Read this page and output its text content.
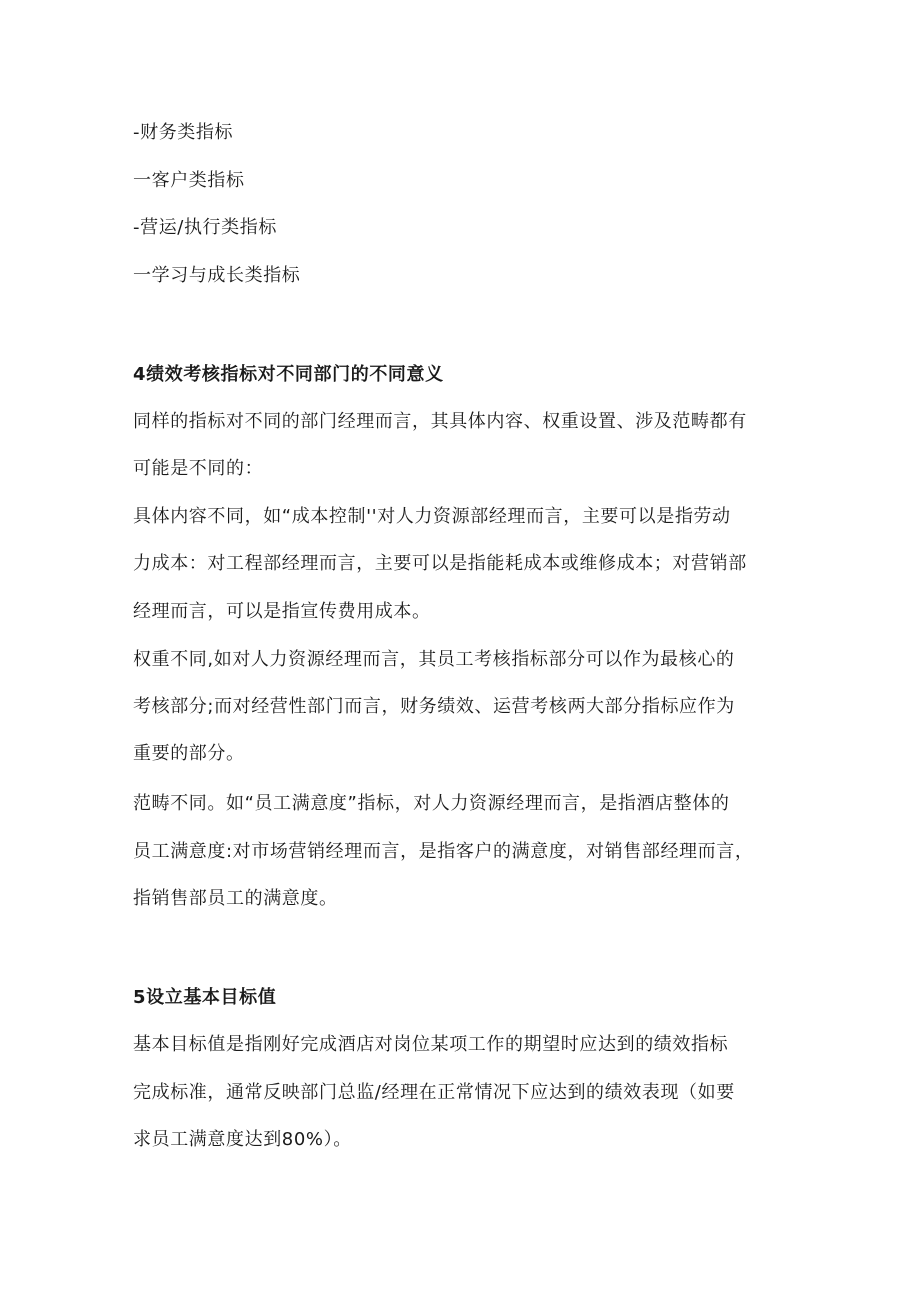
-财务类指标
一客户类指标
-营运/执行类指标
一学习与成长类指标
4绩效考核指标对不同部门的不同意义
同样的指标对不同的部门经理而言，其具体内容、权重设置、涉及范畴都有
可能是不同的：
具体内容不同，如“成本控制''对人力资源部经理而言，主要可以是指劳动
力成本：对工程部经理而言，主要可以是指能耗成本或维修成本；对营销部
经理而言，可以是指宣传费用成本。
权重不同,如对人力资源经理而言，其员工考核指标部分可以作为最核心的
考核部分;而对经营性部门而言，财务绩效、运营考核两大部分指标应作为
重要的部分。
范畴不同。如“员工满意度”指标，对人力资源经理而言，是指酒店整体的
员工满意度:对市场营销经理而言，是指客户的满意度，对销售部经理而言，
指销售部员工的满意度。
5设立基本目标值
基本目标值是指刚好完成酒店对岗位某项工作的期望时应达到的绩效指标
完成标准，通常反映部门总监/经理在正常情况下应达到的绩效表现（如要
求员工满意度达到80%）。
